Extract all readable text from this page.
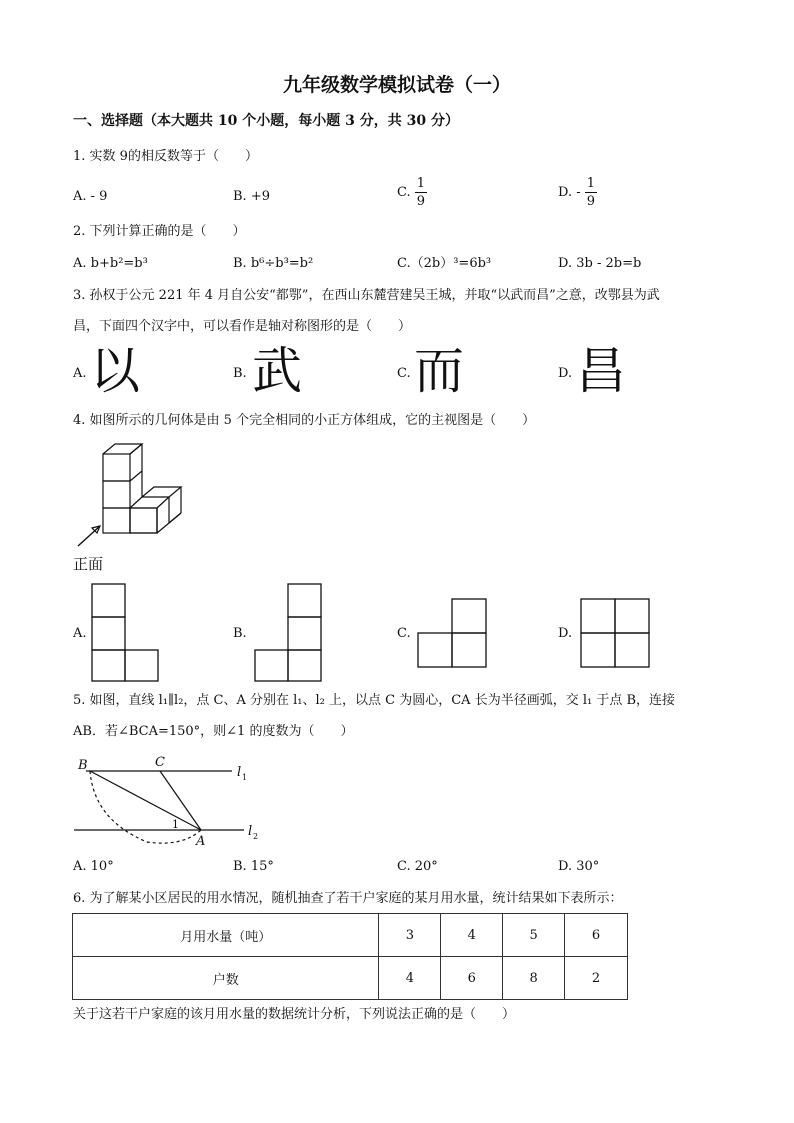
九年级数学模拟试卷（一）
一、选择题（本大题共 10 个小题，每小题 3 分，共 30 分）
1. 实数 9的相反数等于（　　）
A. - 9	B. +9	C. $\frac{1}{9}$	D. - $\frac{1}{9}$
2. 下列计算正确的是（　　）
A. b+b²=b³	B. b⁶÷b³=b²	C.（2b）³=6b³	D. 3b - 2b=b
3. 孙权于公元 221 年 4 月自公安“都鄂”，在西山东麓营建吴王城，并取“以武而昌”之意，改鄂县为武
昌，下面四个汉字中，可以看作是轴对称图形的是（　　）
A. 以	B. 武	C. 而	D. 昌
4. 如图所示的几何体是由 5 个完全相同的小正方体组成，它的主视图是（　　）
正面
A.	B.	C.	D.
5. 如图，直线 l₁∥l₂，点 C、A 分别在 l₁、l₂ 上，以点 C 为圆心，CA 长为半径画弧，交 l₁ 于点 B，连接
AB．若∠BCA=150°，则∠1 的度数为（　　）
B	C
A
1
l 1
l 2
A. 10°	B. 15°	C. 20°	D. 30°
6. 为了解某小区居民的用水情况，随机抽查了若干户家庭的某月用水量，统计结果如下表所示：
月用水量（吨）	3	4	5	6
户数	4	6	8	2
关于这若干户家庭的该月用水量的数据统计分析，下列说法正确的是（　　）
